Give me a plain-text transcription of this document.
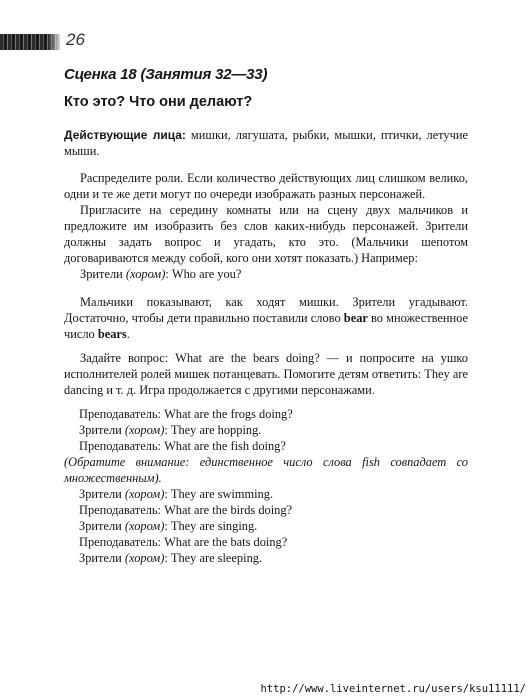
26
Сценка 18 (Занятия 32—33)
Кто это? Что они делают?
Действующие лица: мишки, лягушата, рыбки, мышки, птички, летучие мыши.
Распределите роли. Если количество действующих лиц слишком велико, одни и те же дети могут по очереди изображать разных персонажей.
Пригласите на середину комнаты или на сцену двух мальчиков и предложите им изобразить без слов каких-нибудь персонажей. Зрители должны задать вопрос и угадать, кто это. (Мальчики шепотом договариваются между собой, кого они хотят показать.) Например:
Зрители (хором): Who are you?
Мальчики показывают, как ходят мишки. Зрители угадывают. Достаточно, чтобы дети правильно поставили слово bear во множественное число bears.
Задайте вопрос: What are the bears doing? — и попросите на ушко исполнителей ролей мишек потанцевать. Помогите детям ответить: They are dancing и т. д. Игра продолжается с другими персонажами.
Преподаватель: What are the frogs doing?
Зрители (хором): They are hopping.
Преподаватель: What are the fish doing?
(Обратите внимание: единственное число слова fish совпадает со множественным).
Зрители (хором): They are swimming.
Преподаватель: What are the birds doing?
Зрители (хором): They are singing.
Преподаватель: What are the bats doing?
Зрители (хором): They are sleeping.
http://www.liveinternet.ru/users/ksu11111/
